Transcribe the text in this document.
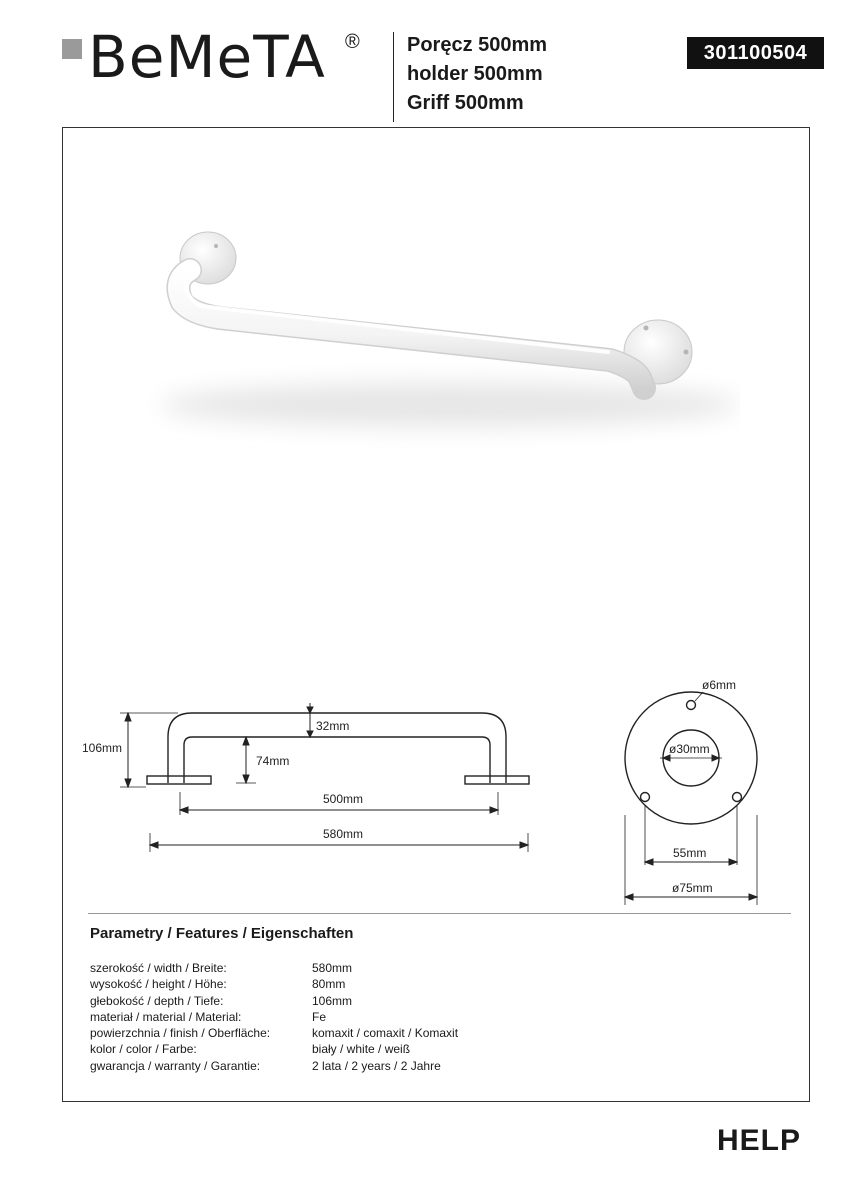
BeMeTA ® Poręcz 500mm
holder 500mm
Griff 500mm
301100504
106mm
32mm
74mm
500mm
580mm
ø6mm
ø30mm
55mm
ø75mm
Parametry / Features / Eigenschaften
szerokość / width / Breite:	580mm
wysokość / height / Höhe:	80mm
głebokość / depth / Tiefe:	106mm
materiał / material / Material:	Fe
powierzchnia / finish / Oberfläche:	komaxit / comaxit / Komaxit
kolor / color / Farbe:	biały / white / weiß
gwarancja / warranty / Garantie:	2 lata / 2 years / 2 Jahre
HELP
